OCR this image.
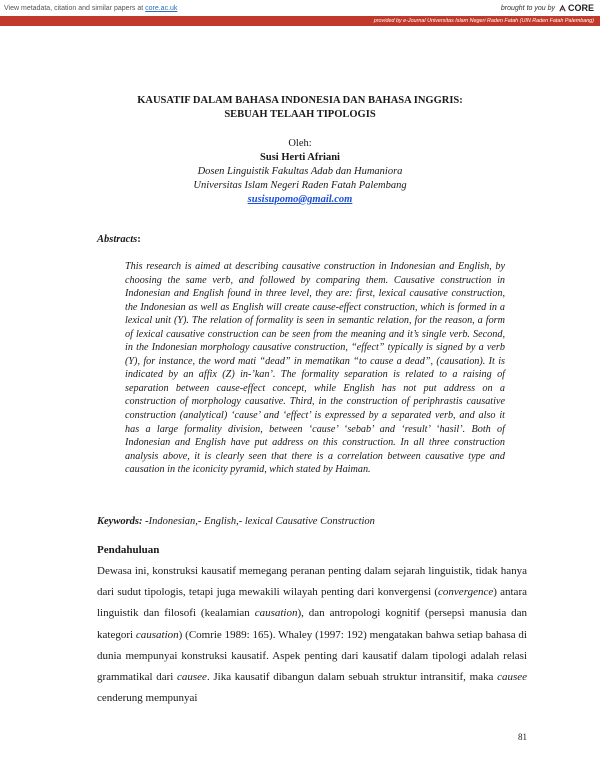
View metadata, citation and similar papers at core.ac.uk	brought to you by CORE
provided by e-Journal Universitas Islam Negeri Raden Fatah (UIN Raden Fatah Palembang)
KAUSATIF DALAM BAHASA INDONESIA DAN BAHASA INGGRIS:
SEBUAH TELAAH TIPOLOGIS
Oleh:
Susi Herti Afriani
Dosen Linguistik Fakultas Adab dan Humaniora
Universitas Islam Negeri Raden Fatah Palembang
susisupomo@gmail.com
Abstracts:
This research is aimed at describing causative construction in Indonesian and English, by choosing the same verb, and followed by comparing them. Causative construction in Indonesian and English found in three level, they are: first, lexical causative construction, the Indonesian as well as English will create cause-effect construction, which is formed in a lexical unit (Y). The relation of formality is seen in semantic relation, for the reason, a form of lexical causative construction can be seen from the meaning and it’s single verb. Second, in the Indonesian morphology causative construction, “effect” typically is signed by a verb (Y), for instance, the word mati “dead” in mematikan “to cause a dead”, (causation). It is indicated by an affix (Z) in-’kan’. The formality separation is related to a raising of separation between cause-effect concept, while English has not put address on a construction of morphology causative. Third, in the construction of periphrastis causative construction (analytical) ‘cause’ and ‘effect’ is expressed by a separated verb, and also it has a large formality division, between ‘cause’ ‘sebab’ and ‘result’ ‘hasil’. Both of Indonesian and English have put address on this construction. In all three construction analysis above, it is clearly seen that there is a correlation between causative type and causation in the iconicity pyramid, which stated by Haiman.
Keywords: -Indonesian,- English,- lexical Causative Construction
Pendahuluan
Dewasa ini, konstruksi kausatif memegang peranan penting dalam sejarah linguistik, tidak hanya dari sudut tipologis, tetapi juga mewakili wilayah penting dari konvergensi (convergence) antara linguistik dan filosofi (kealamian causation), dan antropologi kognitif (persepsi manusia dan kategori causation) (Comrie 1989: 165). Whaley (1997: 192) mengatakan bahwa setiap bahasa di dunia mempunyai konstruksi kausatif. Aspek penting dari kausatif dalam tipologi adalah relasi grammatikal dari causee. Jika kausatif dibangun dalam sebuah struktur intransitif, maka causee cenderung mempunyai
81
